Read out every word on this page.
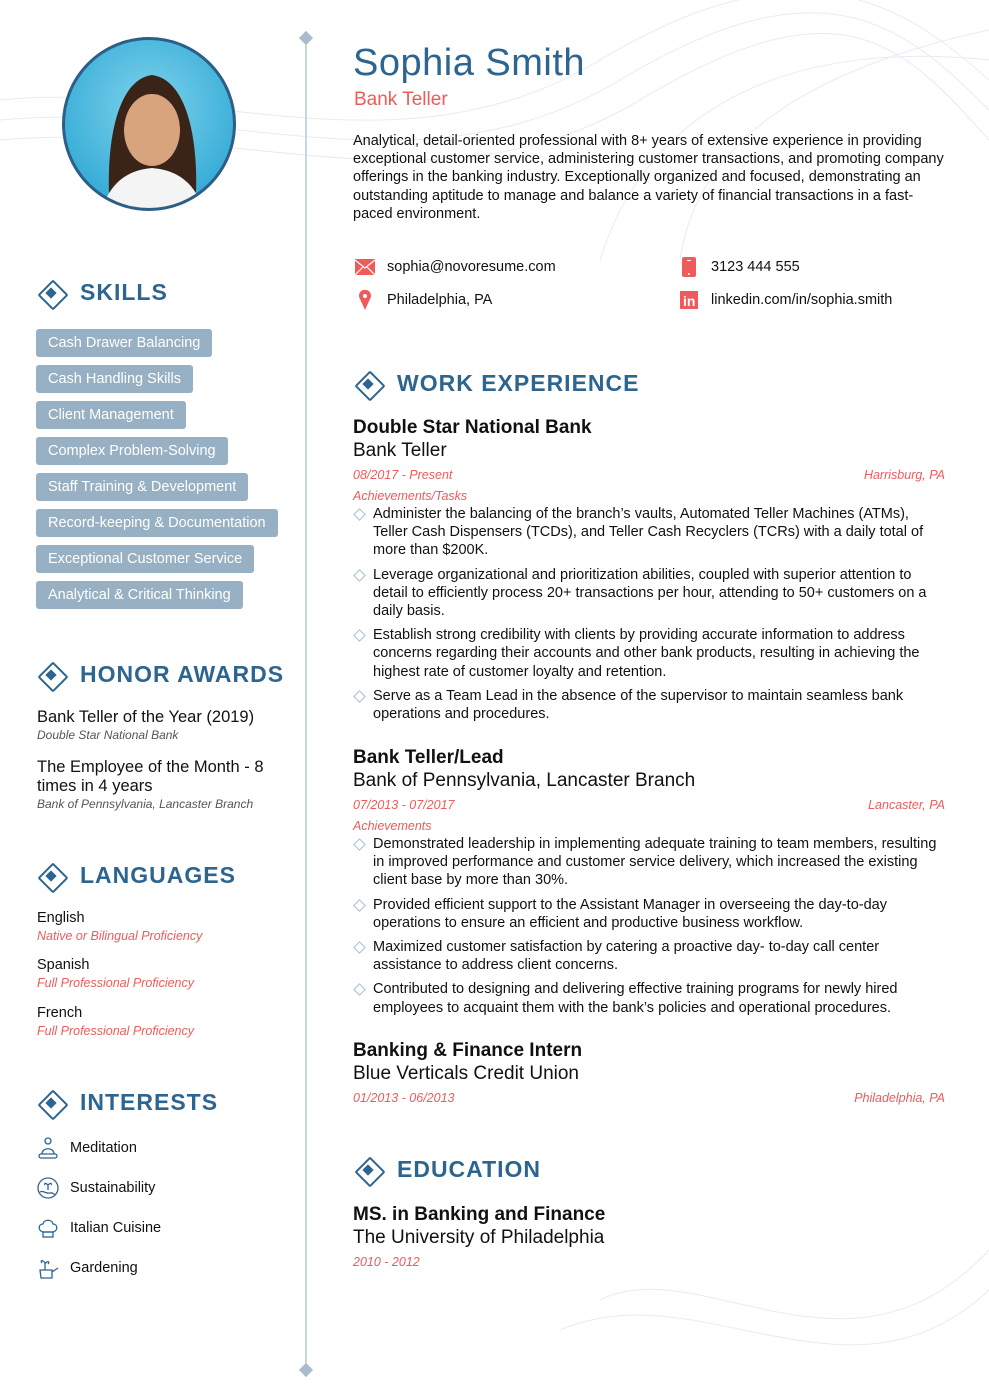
SKILLS
Cash Drawer Balancing
Cash Handling Skills
Client Management
Complex Problem-Solving
Staff Training & Development
Record-keeping & Documentation
Exceptional Customer Service
Analytical & Critical Thinking
HONOR AWARDS
Bank Teller of the Year (2019)
Double Star National Bank
The Employee of the Month - 8 times in 4 years
Bank of Pennsylvania, Lancaster Branch
LANGUAGES
English
Native or Bilingual Proficiency
Spanish
Full Professional Proficiency
French
Full Professional Proficiency
INTERESTS
Meditation
Sustainability
Italian Cuisine
Gardening
Sophia Smith
Bank Teller
Analytical, detail-oriented professional with 8+ years of extensive experience in providing exceptional customer service, administering customer transactions, and promoting company offerings in the banking industry. Exceptionally organized and focused, demonstrating an outstanding aptitude to manage and balance a variety of financial transactions in a fast-paced environment.
sophia@novoresume.com	3123 444 555
Philadelphia, PA	in linkedin.com/in/sophia.smith
WORK EXPERIENCE
Double Star National Bank
Bank Teller
08/2017 - Present	Harrisburg, PA
Achievements/Tasks
Administer the balancing of the branch’s vaults, Automated Teller Machines (ATMs), Teller Cash Dispensers (TCDs), and Teller Cash Recyclers (TCRs) with a daily total of more than $200K.
Leverage organizational and prioritization abilities, coupled with superior attention to detail to efficiently process 20+ transactions per hour, attending to 50+ customers on a daily basis.
Establish strong credibility with clients by providing accurate information to address concerns regarding their accounts and other bank products, resulting in achieving the highest rate of customer loyalty and retention.
Serve as a Team Lead in the absence of the supervisor to maintain seamless bank operations and procedures.
Bank Teller/Lead
Bank of Pennsylvania, Lancaster Branch
07/2013 - 07/2017	Lancaster, PA
Achievements
Demonstrated leadership in implementing adequate training to team members, resulting in improved performance and customer service delivery, which increased the existing client base by more than 30%.
Provided efficient support to the Assistant Manager in overseeing the day-to-day operations to ensure an efficient and productive business workflow.
Maximized customer satisfaction by catering a proactive day- to-day call center assistance to address client concerns.
Contributed to designing and delivering effective training programs for newly hired employees to acquaint them with the bank’s policies and operational procedures.
Banking & Finance Intern
Blue Verticals Credit Union
01/2013 - 06/2013	Philadelphia, PA
EDUCATION
MS. in Banking and Finance
The University of Philadelphia
2010 - 2012
